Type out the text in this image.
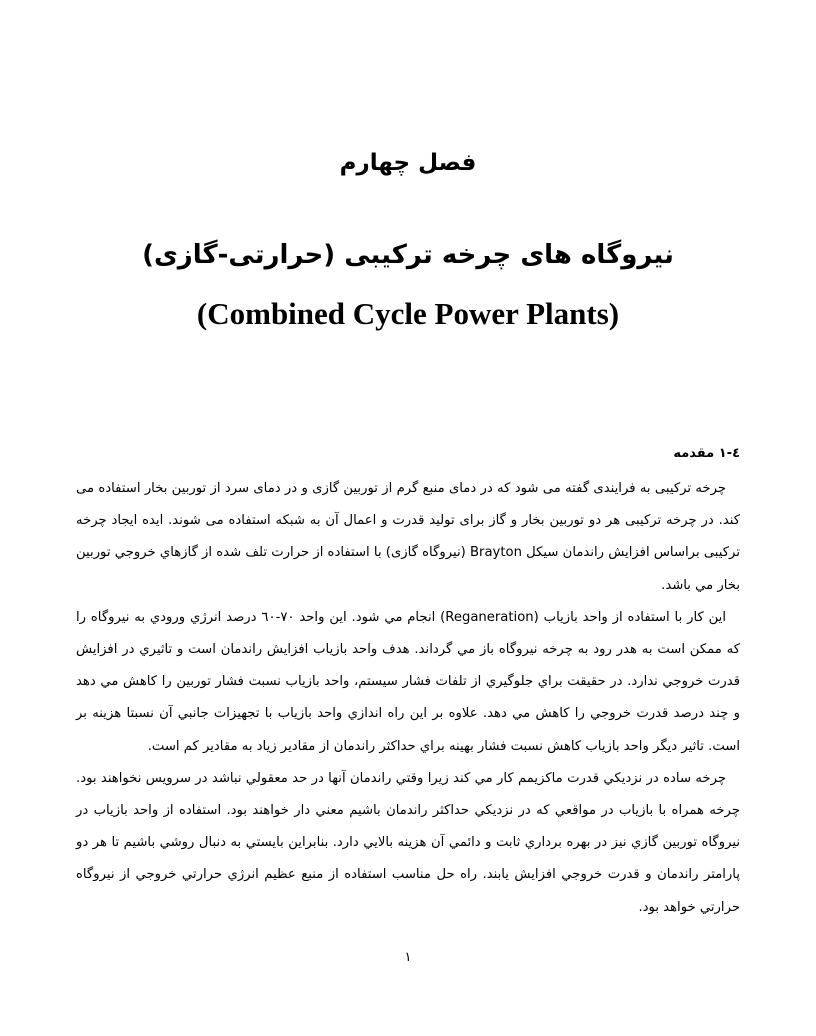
فصل چهارم
نیروگاه های چرخه ترکیبی (حرارتی-گازی)
(Combined Cycle Power Plants)
٤-١ مقدمه

چرخه ترکیبی به فرایندی گفته می شود که در دمای منبع گرم از توربین گازی و در دمای سرد از توربین بخار استفاده می کند. در چرخه ترکیبی هر دو توربین بخار و گاز برای تولید قدرت و اعمال آن به شبکه استفاده می شوند. ایده ایجاد چرخه ترکیبی براساس افزایش راندمان سیکل Brayton (نیروگاه گازی) با استفاده از حرارت تلف شده از گازهاي خروجي توربين بخار مي باشد.

اين كار با استفاده از واحد بازياب (Reganeration) انجام مي شود. اين واحد ٧٠-٦٠ درصد انرژي ورودي به نيروگاه را كه ممكن است به هدر رود به چرخه نيروگاه باز مي گرداند. هدف واحد بازياب افزايش راندمان است و تاثيري در افزايش قدرت خروجي ندارد. در حقيقت براي جلوگيري از تلفات فشار سيستم، واحد بازياب نسبت فشار توربين را كاهش مي دهد و چند درصد قدرت خروجي را كاهش مي دهد. علاوه بر اين راه اندازي واحد بازياب با تجهيزات جانبي آن نسبتا هزينه بر است. تاثير ديگر واحد بازياب كاهش نسبت فشار بهينه براي حداكثر راندمان از مقادير زياد به مقادير كم است.

چرخه ساده در نزديكي قدرت ماكزيمم كار مي كند زيرا وقتي راندمان آنها در حد معقولي نباشد در سرويس نخواهند بود. چرخه همراه با بازياب در مواقعي كه در نزديكي حداكثر راندمان باشيم معني دار خواهند بود. استفاده از واحد بازياب در نيروگاه توربين گازي نيز در بهره برداري ثابت و دائمي آن هزينه بالايي دارد. بنابراين بايستي به دنبال روشي باشيم تا هر دو پارامتر راندمان و قدرت خروجي افزايش يابند. راه حل مناسب استفاده از منبع عظيم انرژي حرارتي خروجي از نيروگاه حرارتي خواهد بود.

١
